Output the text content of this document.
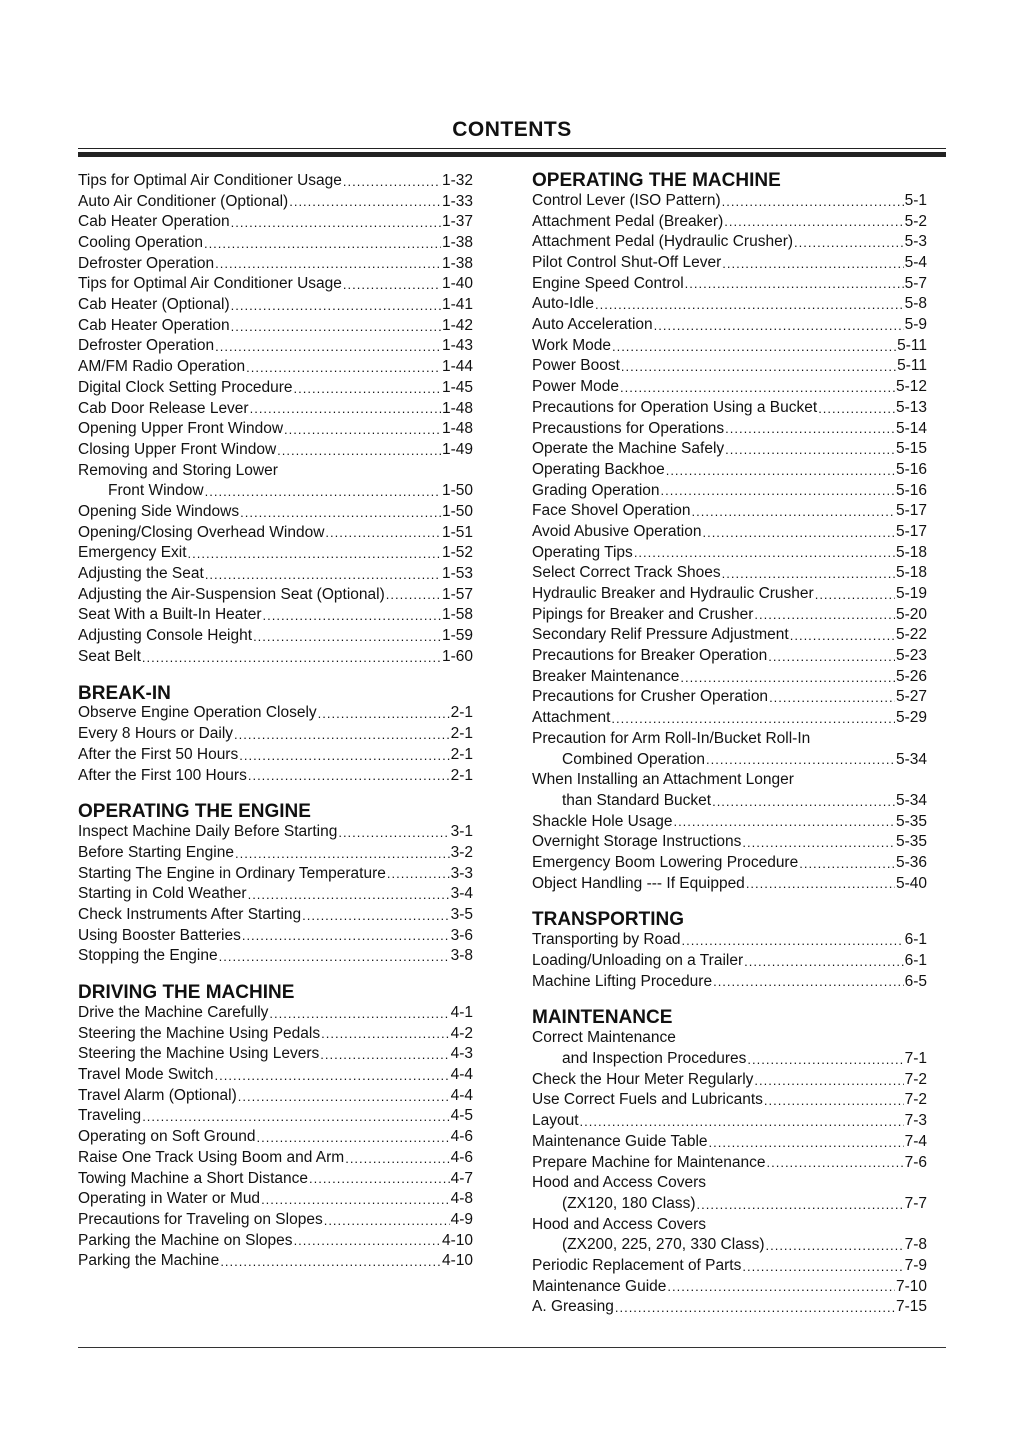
CONTENTS
Tips for Optimal Air Conditioner Usage .....	1-32
Auto Air Conditioner (Optional) .....	1-33
Cab Heater Operation .....	1-37
Cooling Operation .....	1-38
Defroster Operation .....	1-38
Tips for Optimal Air Conditioner Usage .....	1-40
Cab Heater (Optional) .....	1-41
Cab Heater Operation .....	1-42
Defroster Operation .....	1-43
AM/FM Radio Operation .....	1-44
Digital Clock Setting Procedure .....	1-45
Cab Door Release Lever .....	1-48
Opening Upper Front Window .....	1-48
Closing Upper Front Window .....	1-49
Removing and Storing Lower
Front Window .....	1-50
Opening Side Windows .....	1-50
Opening/Closing Overhead Window .....	1-51
Emergency Exit .....	1-52
Adjusting the Seat .....	1-53
Adjusting the Air-Suspension Seat (Optional) .....	1-57
Seat With a Built-In Heater .....	1-58
Adjusting Console Height .....	1-59
Seat Belt .....	1-60
BREAK-IN
Observe Engine Operation Closely .....	2-1
Every 8 Hours or Daily .....	2-1
After the First 50 Hours .....	2-1
After the First 100 Hours .....	2-1
OPERATING THE ENGINE
Inspect Machine Daily Before Starting .....	3-1
Before Starting Engine .....	3-2
Starting The Engine in Ordinary Temperature .....	3-3
Starting in Cold Weather .....	3-4
Check Instruments After Starting .....	3-5
Using Booster Batteries .....	3-6
Stopping the Engine .....	3-8
DRIVING THE MACHINE
Drive the Machine Carefully .....	4-1
Steering the Machine Using Pedals .....	4-2
Steering the Machine Using Levers .....	4-3
Travel Mode Switch .....	4-4
Travel Alarm (Optional) .....	4-4
Traveling .....	4-5
Operating on Soft Ground .....	4-6
Raise One Track Using Boom and Arm .....	4-6
Towing Machine a Short Distance .....	4-7
Operating in Water or Mud .....	4-8
Precautions for Traveling on Slopes .....	4-9
Parking the Machine on Slopes .....	4-10
Parking the Machine .....	4-10
OPERATING THE MACHINE
Control Lever (ISO Pattern) .....	5-1
Attachment Pedal (Breaker) .....	5-2
Attachment Pedal (Hydraulic Crusher) .....	5-3
Pilot Control Shut-Off Lever .....	5-4
Engine Speed Control .....	5-7
Auto-Idle .....	5-8
Auto Acceleration .....	5-9
Work Mode .....	5-11
Power Boost .....	5-11
Power Mode .....	5-12
Precautions for Operation Using a Bucket .....	5-13
Precaustions for Operations .....	5-14
Operate the Machine Safely .....	5-15
Operating Backhoe .....	5-16
Grading Operation .....	5-16
Face Shovel Operation .....	5-17
Avoid Abusive Operation .....	5-17
Operating Tips .....	5-18
Select Correct Track Shoes .....	5-18
Hydraulic Breaker and Hydraulic Crusher .....	5-19
Pipings for Breaker and Crusher .....	5-20
Secondary Relif Pressure Adjustment .....	5-22
Precautions for Breaker Operation .....	5-23
Breaker Maintenance .....	5-26
Precautions for Crusher Operation .....	5-27
Attachment .....	5-29
Precaution for Arm Roll-In/Bucket Roll-In
Combined Operation .....	5-34
When Installing an Attachment Longer
than Standard Bucket .....	5-34
Shackle Hole Usage .....	5-35
Overnight Storage Instructions .....	5-35
Emergency Boom Lowering Procedure .....	5-36
Object Handling --- If Equipped .....	5-40
TRANSPORTING
Transporting by Road .....	6-1
Loading/Unloading on a Trailer .....	6-1
Machine Lifting Procedure .....	6-5
MAINTENANCE
Correct Maintenance
and Inspection Procedures .....	7-1
Check the Hour Meter Regularly .....	7-2
Use Correct Fuels and Lubricants .....	7-2
Layout .....	7-3
Maintenance Guide Table .....	7-4
Prepare Machine for Maintenance .....	7-6
Hood and Access Covers
(ZX120, 180 Class) .....	7-7
Hood and Access Covers
(ZX200, 225, 270, 330 Class) .....	7-8
Periodic Replacement of Parts .....	7-9
Maintenance Guide .....	7-10
A. Greasing .....	7-15
